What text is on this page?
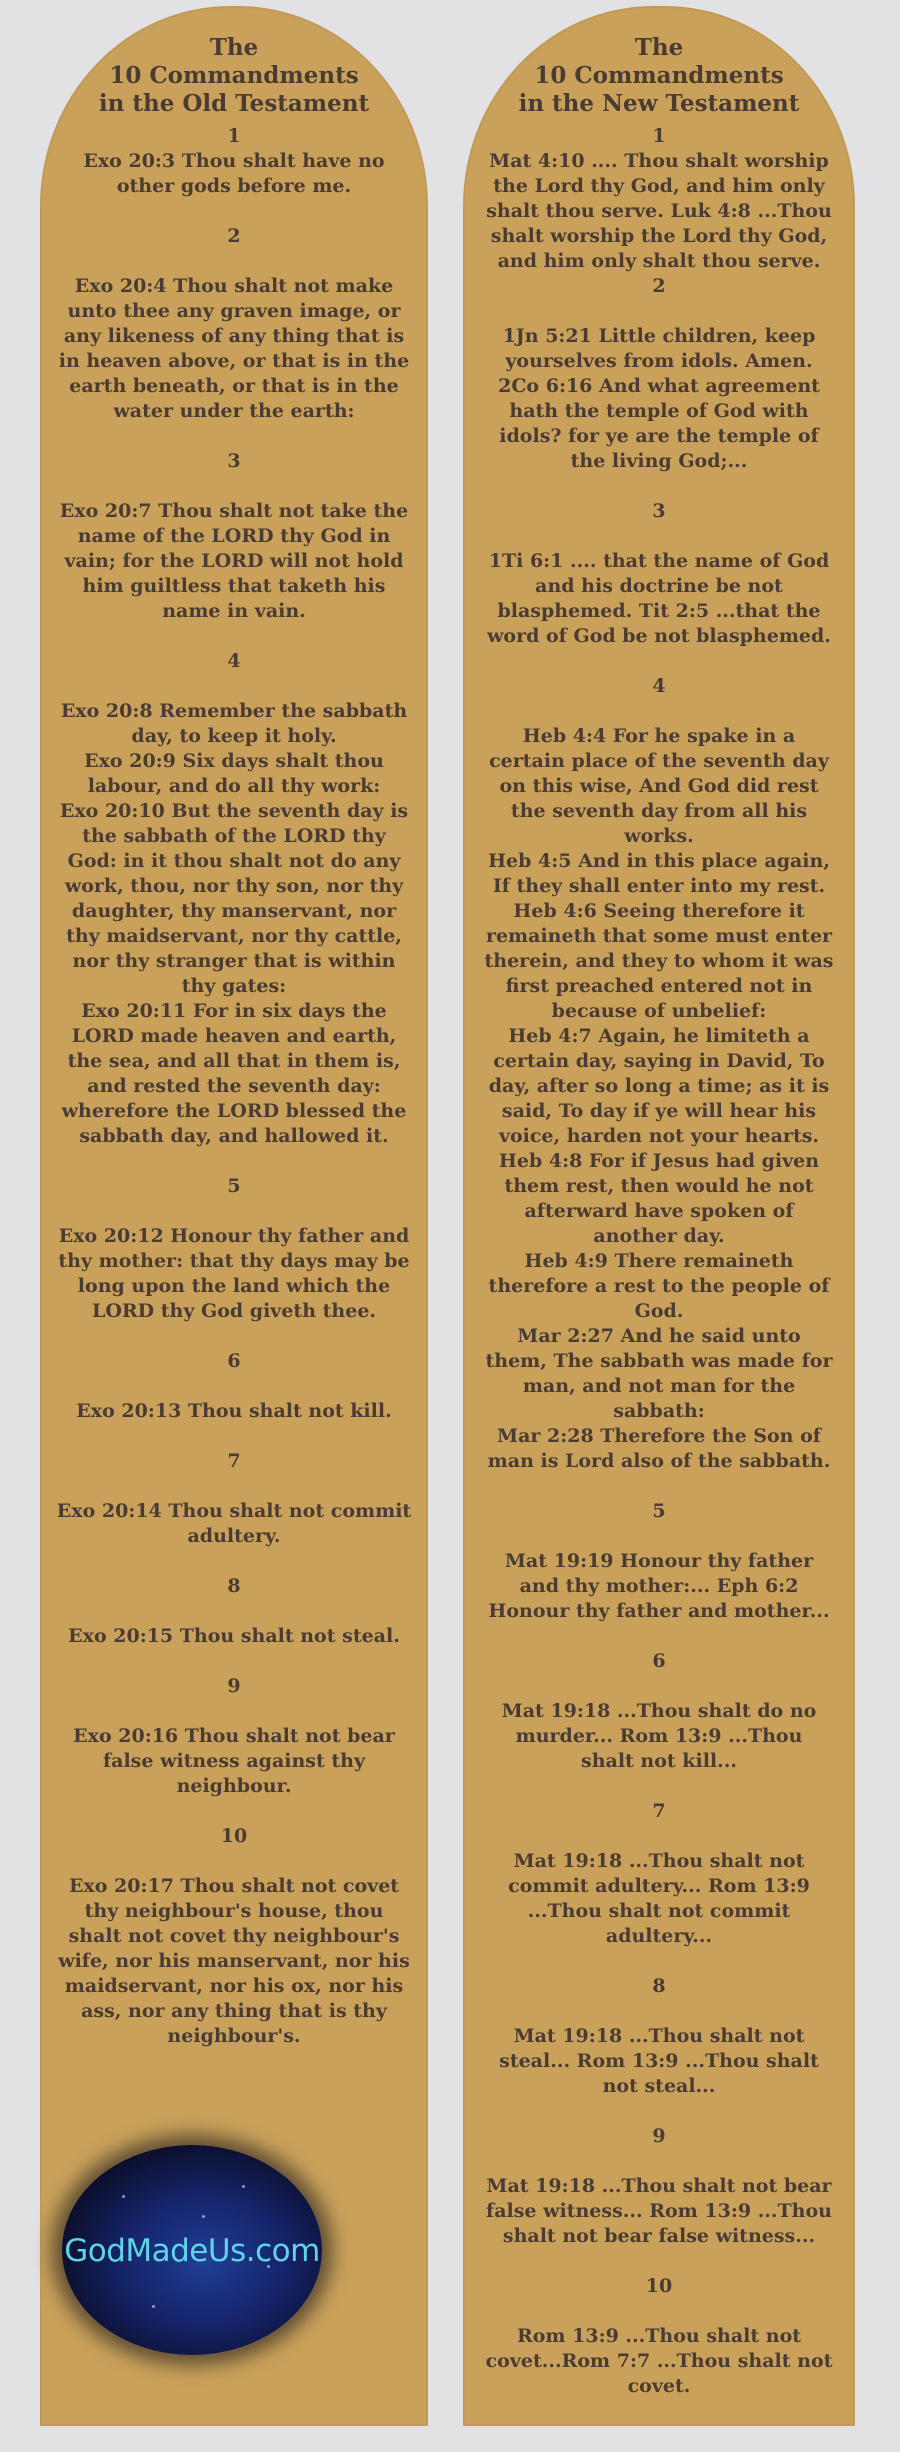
The
10 Commandments
in the Old Testament
1
Exo 20:3 Thou shalt have no
other gods before me.
2
Exo 20:4 Thou shalt not make
unto thee any graven image, or
any likeness of any thing that is
in heaven above, or that is in the
earth beneath, or that is in the
water under the earth:
3
Exo 20:7 Thou shalt not take the
name of the LORD thy God in
vain; for the LORD will not hold
him guiltless that taketh his
name in vain.
4
Exo 20:8 Remember the sabbath
day, to keep it holy.
Exo 20:9 Six days shalt thou
labour, and do all thy work:
Exo 20:10 But the seventh day is
the sabbath of the LORD thy
God: in it thou shalt not do any
work, thou, nor thy son, nor thy
daughter, thy manservant, nor
thy maidservant, nor thy cattle,
nor thy stranger that is within
thy gates:
Exo 20:11 For in six days the
LORD made heaven and earth,
the sea, and all that in them is,
and rested the seventh day:
wherefore the LORD blessed the
sabbath day, and hallowed it.
5
Exo 20:12 Honour thy father and
thy mother: that thy days may be
long upon the land which the
LORD thy God giveth thee.
6
Exo 20:13 Thou shalt not kill.
7
Exo 20:14 Thou shalt not commit
adultery.
8
Exo 20:15 Thou shalt not steal.
9
Exo 20:16 Thou shalt not bear
false witness against thy
neighbour.
10
Exo 20:17 Thou shalt not covet
thy neighbour's house, thou
shalt not covet thy neighbour's
wife, nor his manservant, nor his
maidservant, nor his ox, nor his
ass, nor any thing that is thy
neighbour's.
GodMadeUs.com
The
10 Commandments
in the New Testament
1
Mat 4:10 .... Thou shalt worship
the Lord thy God, and him only
shalt thou serve. Luk 4:8 ...Thou
shalt worship the Lord thy God,
and him only shalt thou serve.
2
1Jn 5:21 Little children, keep
yourselves from idols. Amen.
2Co 6:16 And what agreement
hath the temple of God with
idols? for ye are the temple of
the living God;...
3
1Ti 6:1 .... that the name of God
and his doctrine be not
blasphemed. Tit 2:5 ...that the
word of God be not blasphemed.
4
Heb 4:4 For he spake in a
certain place of the seventh day
on this wise, And God did rest
the seventh day from all his
works.
Heb 4:5 And in this place again,
If they shall enter into my rest.
Heb 4:6 Seeing therefore it
remaineth that some must enter
therein, and they to whom it was
first preached entered not in
because of unbelief:
Heb 4:7 Again, he limiteth a
certain day, saying in David, To
day, after so long a time; as it is
said, To day if ye will hear his
voice, harden not your hearts.
Heb 4:8 For if Jesus had given
them rest, then would he not
afterward have spoken of
another day.
Heb 4:9 There remaineth
therefore a rest to the people of
God.
Mar 2:27 And he said unto
them, The sabbath was made for
man, and not man for the
sabbath:
Mar 2:28 Therefore the Son of
man is Lord also of the sabbath.
5
Mat 19:19 Honour thy father
and thy mother:... Eph 6:2
Honour thy father and mother...
6
Mat 19:18 ...Thou shalt do no
murder... Rom 13:9 ...Thou
shalt not kill...
7
Mat 19:18 ...Thou shalt not
commit adultery... Rom 13:9
...Thou shalt not commit
adultery...
8
Mat 19:18 ...Thou shalt not
steal... Rom 13:9 ...Thou shalt
not steal...
9
Mat 19:18 ...Thou shalt not bear
false witness... Rom 13:9 ...Thou
shalt not bear false witness...
10
Rom 13:9 ...Thou shalt not
covet...Rom 7:7 ...Thou shalt not
covet.
